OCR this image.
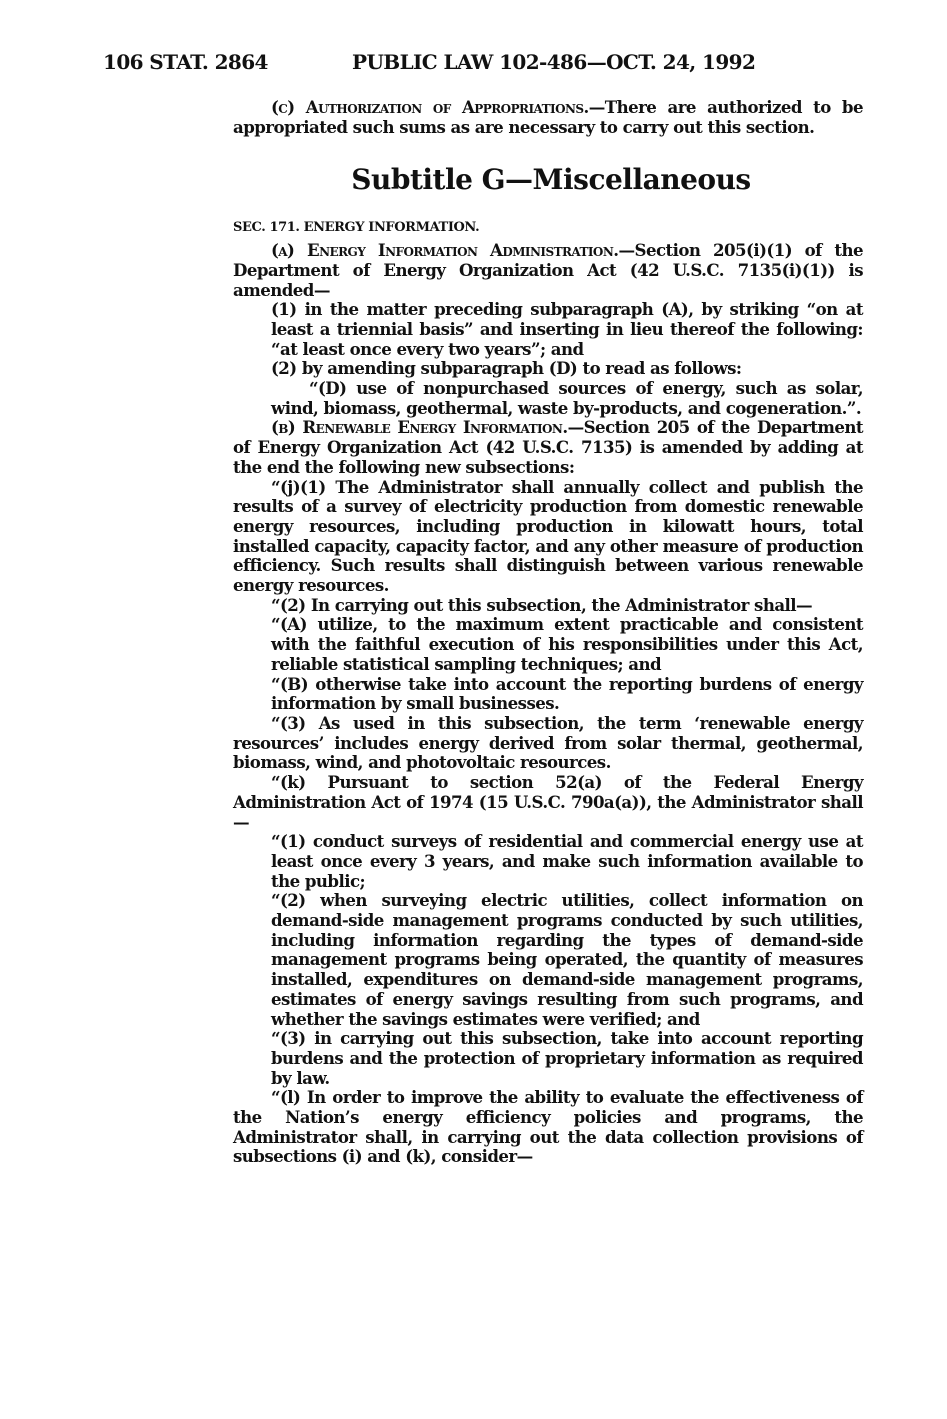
106 STAT. 2864	PUBLIC LAW 102-486—OCT. 24, 1992

(c) Authorization of Appropriations.—There are authorized to be appropriated such sums as are necessary to carry out this section.

Subtitle G—Miscellaneous

SEC. 171. ENERGY INFORMATION.

(a) Energy Information Administration.—Section 205(i)(1) of the Department of Energy Organization Act (42 U.S.C. 7135(i)(1)) is amended—

(1) in the matter preceding subparagraph (A), by striking “on at least a triennial basis” and inserting in lieu thereof the following: “at least once every two years”; and

(2) by amending subparagraph (D) to read as follows:

“(D) use of nonpurchased sources of energy, such as solar, wind, biomass, geothermal, waste by-products, and cogeneration.”.

(b) Renewable Energy Information.—Section 205 of the Department of Energy Organization Act (42 U.S.C. 7135) is amended by adding at the end the following new subsections:

“(j)(1) The Administrator shall annually collect and publish the results of a survey of electricity production from domestic renewable energy resources, including production in kilowatt hours, total installed capacity, capacity factor, and any other measure of production efficiency. Such results shall distinguish between various renewable energy resources.

“(2) In carrying out this subsection, the Administrator shall—

“(A) utilize, to the maximum extent practicable and consistent with the faithful execution of his responsibilities under this Act, reliable statistical sampling techniques; and

“(B) otherwise take into account the reporting burdens of energy information by small businesses.

“(3) As used in this subsection, the term ‘renewable energy resources’ includes energy derived from solar thermal, geothermal, biomass, wind, and photovoltaic resources.

“(k) Pursuant to section 52(a) of the Federal Energy Administration Act of 1974 (15 U.S.C. 790a(a)), the Administrator shall—

“(1) conduct surveys of residential and commercial energy use at least once every 3 years, and make such information available to the public;

“(2) when surveying electric utilities, collect information on demand-side management programs conducted by such utilities, including information regarding the types of demand-side management programs being operated, the quantity of measures installed, expenditures on demand-side management programs, estimates of energy savings resulting from such programs, and whether the savings estimates were verified; and

“(3) in carrying out this subsection, take into account reporting burdens and the protection of proprietary information as required by law.

“(l) In order to improve the ability to evaluate the effectiveness of the Nation’s energy efficiency policies and programs, the Administrator shall, in carrying out the data collection provisions of subsections (i) and (k), consider—
